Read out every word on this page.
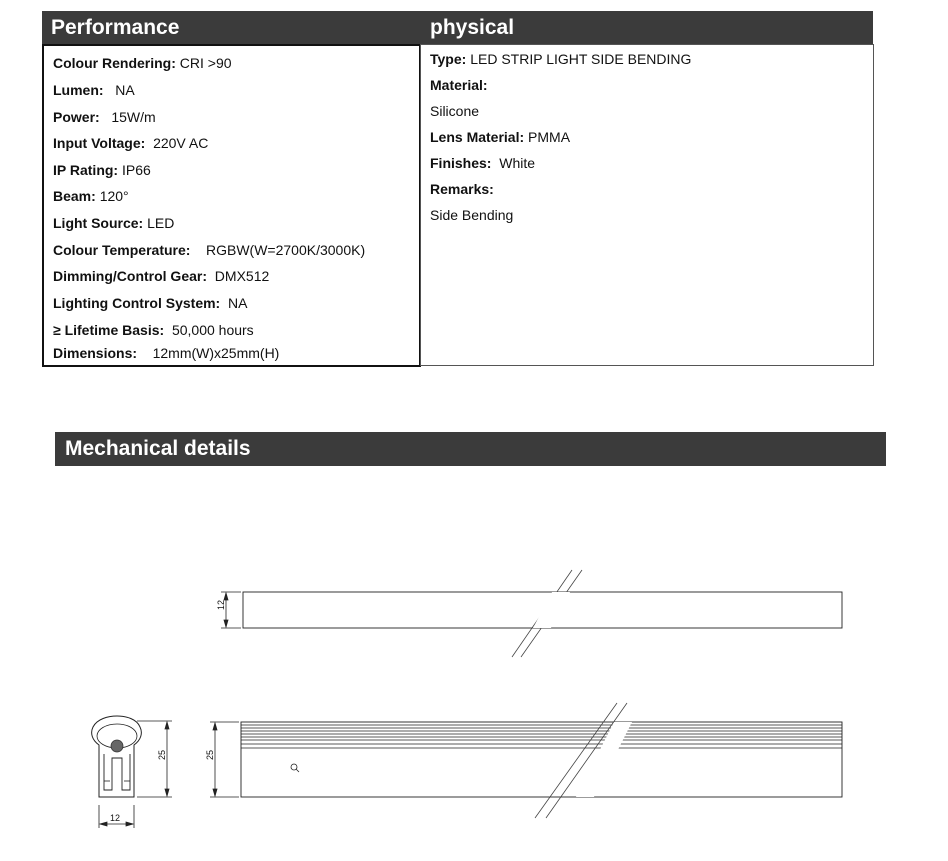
Performance	physical
Colour Rendering: CRI >90
Lumen: NA
Power: 15W/m
Input Voltage: 220V AC
IP Rating: IP66
Beam: 120°
Light Source: LED
Colour Temperature: RGBW(W=2700K/3000K)
Dimming/Control Gear: DMX512
Lighting Control System: NA
≥ Lifetime Basis: 50,000 hours
Dimensions: 12mm(W)x25mm(H)
Type: LED STRIP LIGHT SIDE BENDING
Material:
Silicone
Lens Material: PMMA
Finishes: White
Remarks:
Side Bending
Mechanical details
12
25
25
12
